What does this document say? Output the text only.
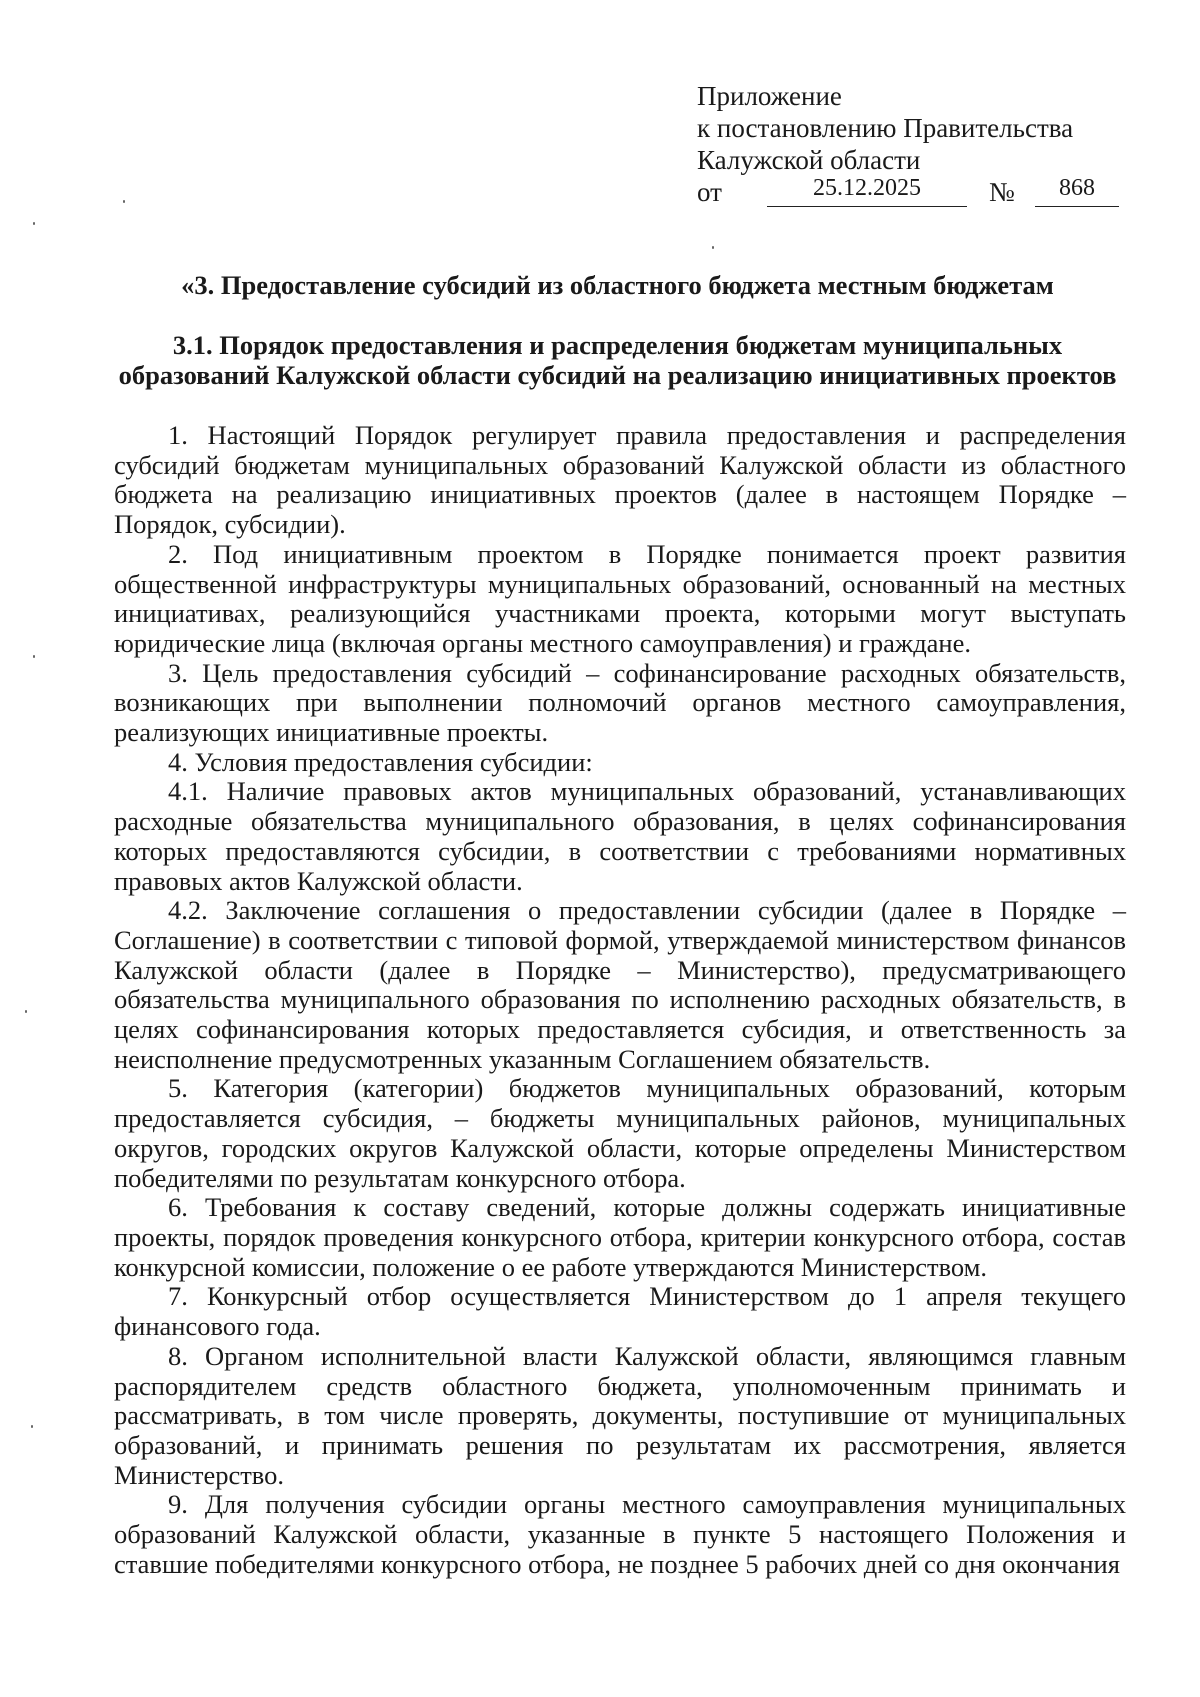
Приложение
к постановлению Правительства
Калужской области
от	25.12.2025	№	868
«3. Предоставление субсидий из областного бюджета местным бюджетам
3.1. Порядок предоставления и распределения бюджетам муниципальных
образований Калужской области субсидий на реализацию инициативных проектов

1. Настоящий Порядок регулирует правила предоставления и распределения субсидий бюджетам муниципальных образований Калужской области из областного бюджета на реализацию инициативных проектов (далее в настоящем Порядке – Порядок, субсидии).

2. Под инициативным проектом в Порядке понимается проект развития общественной инфраструктуры муниципальных образований, основанный на местных инициативах, реализующийся участниками проекта, которыми могут выступать юридические лица (включая органы местного самоуправления) и граждане.

3. Цель предоставления субсидий – софинансирование расходных обязательств, возникающих при выполнении полномочий органов местного самоуправления, реализующих инициативные проекты.

4. Условия предоставления субсидии:

4.1. Наличие правовых актов муниципальных образований, устанавливающих расходные обязательства муниципального образования, в целях софинансирования которых предоставляются субсидии, в соответствии с требованиями нормативных правовых актов Калужской области.

4.2. Заключение соглашения о предоставлении субсидии (далее в Порядке – Соглашение) в соответствии с типовой формой, утверждаемой министерством финансов Калужской области (далее в Порядке – Министерство), предусматривающего обязательства муниципального образования по исполнению расходных обязательств, в целях софинансирования которых предоставляется субсидия, и ответственность за неисполнение предусмотренных указанным Соглашением обязательств.

5. Категория (категории) бюджетов муниципальных образований, которым предоставляется субсидия, – бюджеты муниципальных районов, муниципальных округов, городских округов Калужской области, которые определены Министерством победителями по результатам конкурсного отбора.

6. Требования к составу сведений, которые должны содержать инициативные проекты, порядок проведения конкурсного отбора, критерии конкурсного отбора, состав конкурсной комиссии, положение о ее работе утверждаются Министерством.

7. Конкурсный отбор осуществляется Министерством до 1 апреля текущего финансового года.

8. Органом исполнительной власти Калужской области, являющимся главным распорядителем средств областного бюджета, уполномоченным принимать и рассматривать, в том числе проверять, документы, поступившие от муниципальных образований, и принимать решения по результатам их рассмотрения, является Министерство.

9. Для получения субсидии органы местного самоуправления муниципальных образований Калужской области, указанные в пункте 5 настоящего Положения и ставшие победителями конкурсного отбора, не позднее 5 рабочих дней со дня окончания
